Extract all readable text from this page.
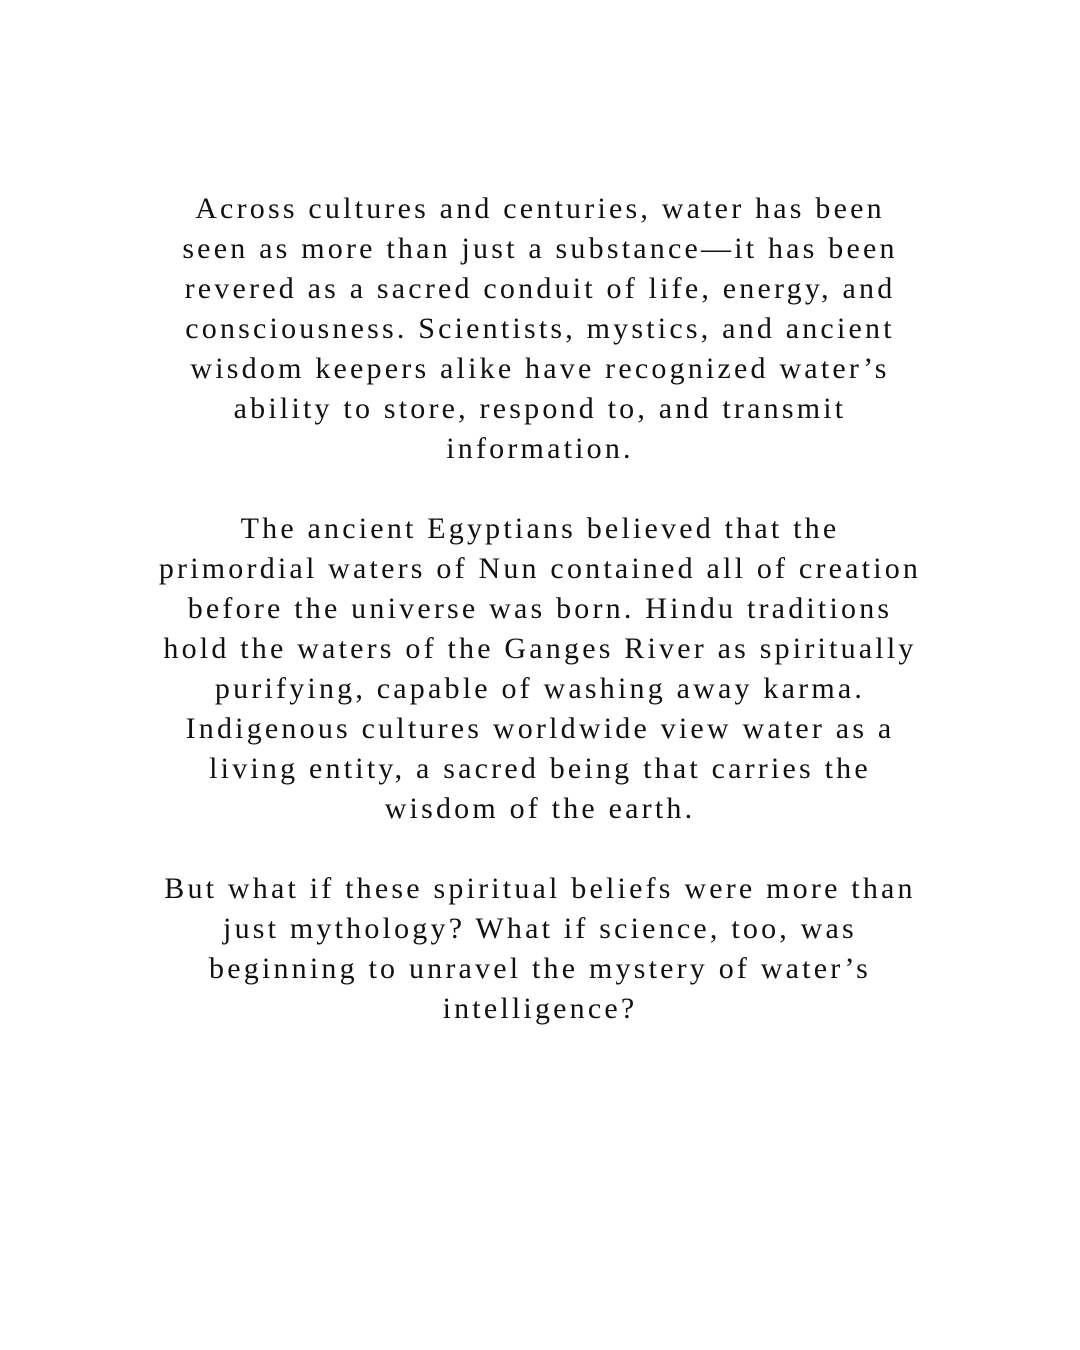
Across cultures and centuries, water has been
seen as more than just a substance—it has been
revered as a sacred conduit of life, energy, and
consciousness. Scientists, mystics, and ancient
wisdom keepers alike have recognized water’s
ability to store, respond to, and transmit
information.
The ancient Egyptians believed that the
primordial waters of Nun contained all of creation
before the universe was born. Hindu traditions
hold the waters of the Ganges River as spiritually
purifying, capable of washing away karma.
Indigenous cultures worldwide view water as a
living entity, a sacred being that carries the
wisdom of the earth.
But what if these spiritual beliefs were more than
just mythology? What if science, too, was
beginning to unravel the mystery of water’s
intelligence?
